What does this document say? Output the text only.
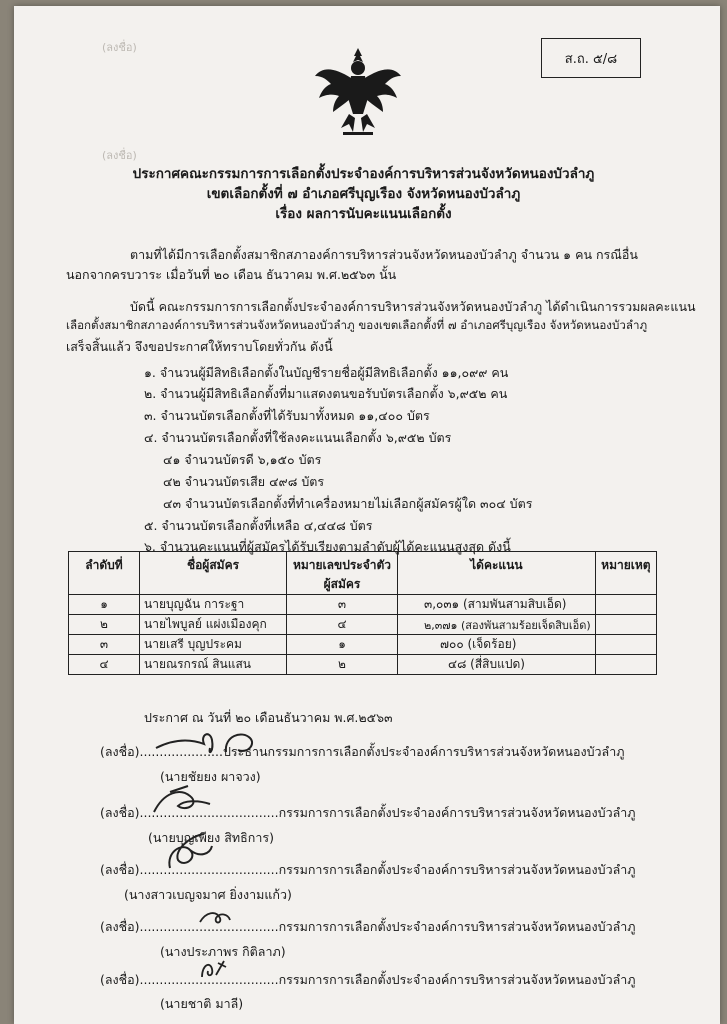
ส.ถ. ๕/๘
(ลงชื่อ)
(ลงชื่อ)
ประกาศคณะกรรมการการเลือกตั้งประจำองค์การบริหารส่วนจังหวัดหนองบัวลำภู
เขตเลือกตั้งที่ ๗ อำเภอศรีบุญเรือง จังหวัดหนองบัวลำภู
เรื่อง ผลการนับคะแนนเลือกตั้ง
ตามที่ได้มีการเลือกตั้งสมาชิกสภาองค์การบริหารส่วนจังหวัดหนองบัวลำภู จำนวน ๑ คน กรณีอื่น
นอกจากครบวาระ เมื่อวันที่ ๒๐ เดือน ธันวาคม พ.ศ.๒๕๖๓ นั้น
บัดนี้ คณะกรรมการการเลือกตั้งประจำองค์การบริหารส่วนจังหวัดหนองบัวลำภู ได้ดำเนินการรวมผลคะแนน
เลือกตั้งสมาชิกสภาองค์การบริหารส่วนจังหวัดหนองบัวลำภู ของเขตเลือกตั้งที่ ๗ อำเภอศรีบุญเรือง จังหวัดหนองบัวลำภู
เสร็จสิ้นแล้ว จึงขอประกาศให้ทราบโดยทั่วกัน ดังนี้
๑. จำนวนผู้มีสิทธิเลือกตั้งในบัญชีรายชื่อผู้มีสิทธิเลือกตั้ง ๑๑,๐๙๙ คน
๒. จำนวนผู้มีสิทธิเลือกตั้งที่มาแสดงตนขอรับบัตรเลือกตั้ง ๖,๙๕๒ คน
๓. จำนวนบัตรเลือกตั้งที่ได้รับมาทั้งหมด ๑๑,๔๐๐ บัตร
๔. จำนวนบัตรเลือกตั้งที่ใช้ลงคะแนนเลือกตั้ง ๖,๙๕๒ บัตร
๔๑ จำนวนบัตรดี ๖,๑๕๐ บัตร
๔๒ จำนวนบัตรเสีย ๔๙๘ บัตร
๔๓ จำนวนบัตรเลือกตั้งที่ทำเครื่องหมายไม่เลือกผู้สมัครผู้ใด ๓๐๔ บัตร
๕. จำนวนบัตรเลือกตั้งที่เหลือ ๔,๔๔๘ บัตร
๖. จำนวนคะแนนที่ผู้สมัครได้รับเรียงตามลำดับผู้ได้คะแนนสูงสุด ดังนี้
ลำดับที่	ชื่อผู้สมัคร	หมายเลขประจำตัว
ผู้สมัคร	ได้คะแนน	หมายเหตุ
๑	นายบุญฉัน การะฐา	๓	๓,๐๓๑ (สามพันสามสิบเอ็ด)	
๒	นายไพบูลย์ แผ่งเมืองคุก	๔	๒,๓๗๑ (สองพันสามร้อยเจ็ดสิบเอ็ด)	
๓	นายเสรี บุญประคม	๑	๗๐๐ (เจ็ดร้อย)	
๔	นายณรกรณ์ สินแสน	๒	๔๘ (สี่สิบแปด)	
ประกาศ ณ วันที่ ๒๐ เดือนธันวาคม พ.ศ.๒๕๖๓
(ลงชื่อ).....................ประธานกรรมการการเลือกตั้งประจำองค์การบริหารส่วนจังหวัดหนองบัวลำภู
(นายชัยยง ผาจวง)
(ลงชื่อ)...................................กรรมการการเลือกตั้งประจำองค์การบริหารส่วนจังหวัดหนองบัวลำภู
(นายบุญเพียง สิทธิการ)
(ลงชื่อ)...................................กรรมการการเลือกตั้งประจำองค์การบริหารส่วนจังหวัดหนองบัวลำภู
(นางสาวเบญจมาศ ยิ่งงามแก้ว)
(ลงชื่อ)...................................กรรมการการเลือกตั้งประจำองค์การบริหารส่วนจังหวัดหนองบัวลำภู
(นางประภาพร กิติลาภ)
(ลงชื่อ)...................................กรรมการการเลือกตั้งประจำองค์การบริหารส่วนจังหวัดหนองบัวลำภู
(นายชาติ มาลี)
